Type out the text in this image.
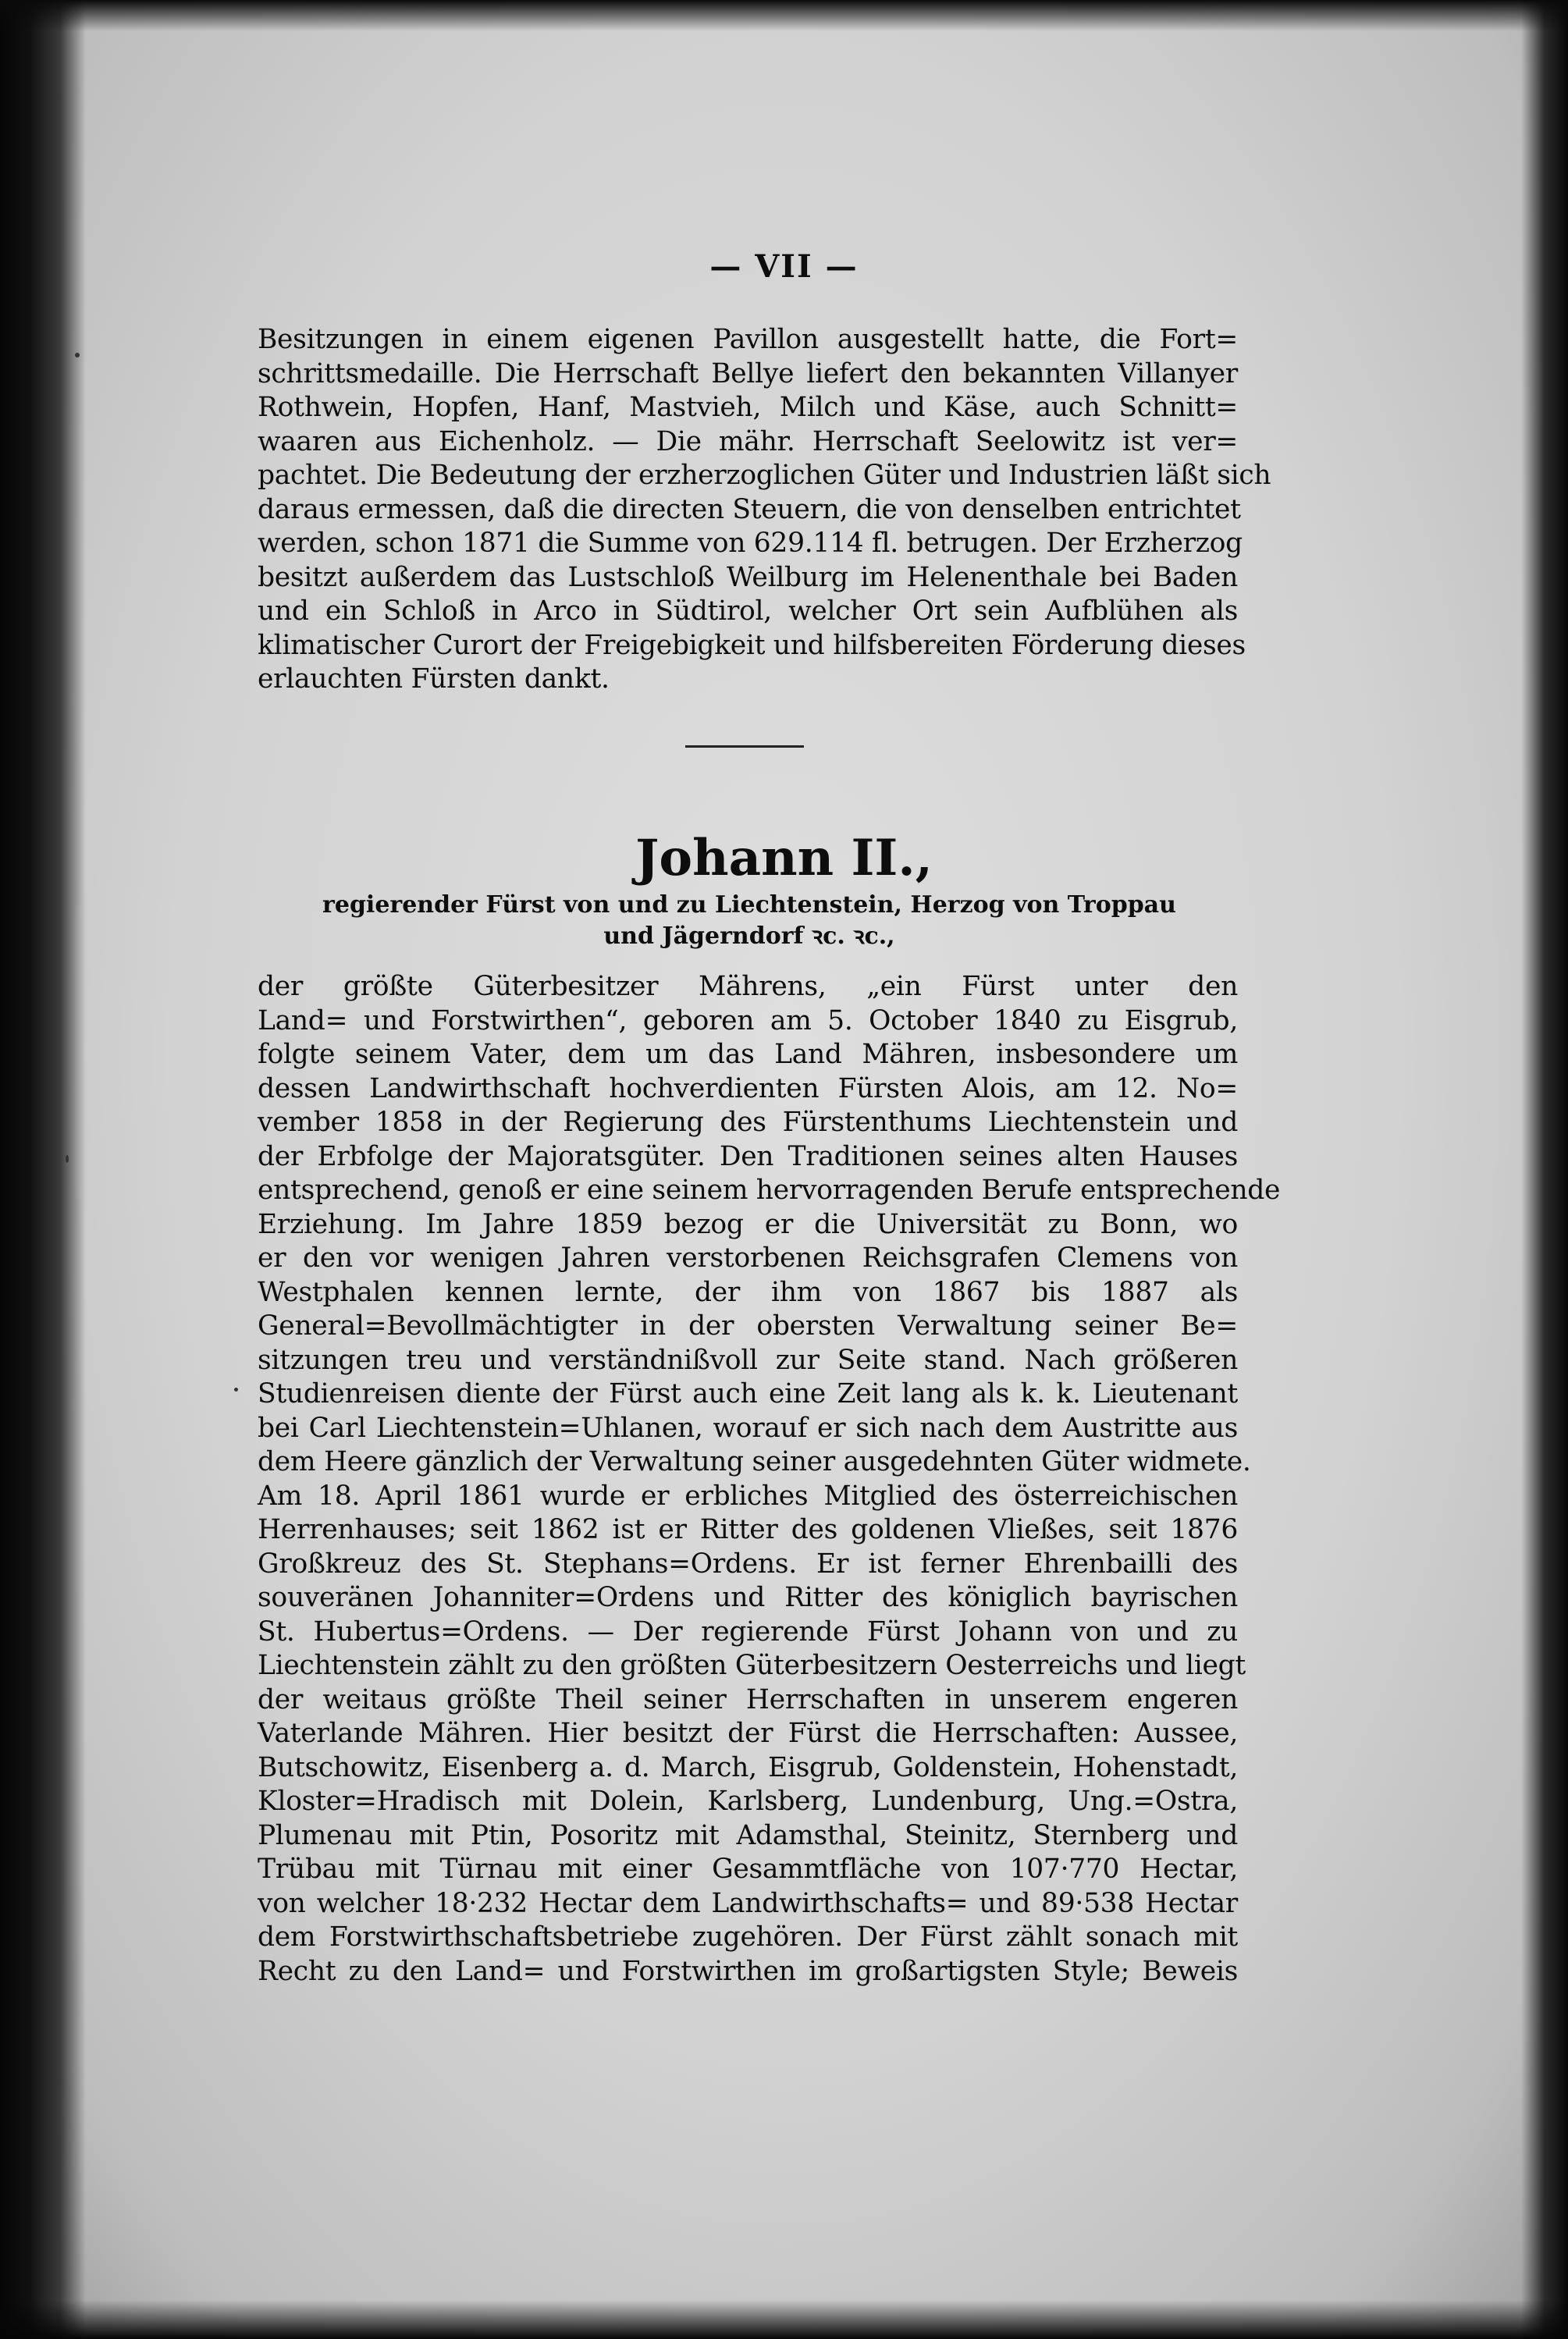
— VII —
Besitzungen in einem eigenen Pavillon ausgestellt hatte, die Fort=
schrittsmedaille. Die Herrschaft Bellye liefert den bekannten Villanyer
Rothwein, Hopfen, Hanf, Mastvieh, Milch und Käse, auch Schnitt=
waaren aus Eichenholz. — Die mähr. Herrschaft Seelowitz ist ver=
pachtet. Die Bedeutung der erzherzoglichen Güter und Industrien läßt sich
daraus ermessen, daß die directen Steuern, die von denselben entrichtet
werden, schon 1871 die Summe von 629.114 fl. betrugen. Der Erzherzog
besitzt außerdem das Lustschloß Weilburg im Helenenthale bei Baden
und ein Schloß in Arco in Südtirol, welcher Ort sein Aufblühen als
klimatischer Curort der Freigebigkeit und hilfsbereiten Förderung dieses
erlauchten Fürsten dankt.
Johann II.,
regierender Fürst von und zu Liechtenstein, Herzog von Troppau
und Jägerndorf ꝛc. ꝛc.,
der größte Güterbesitzer Mährens, „ein Fürst unter den
Land= und Forstwirthen“, geboren am 5. October 1840 zu Eisgrub,
folgte seinem Vater, dem um das Land Mähren, insbesondere um
dessen Landwirthschaft hochverdienten Fürsten Alois, am 12. No=
vember 1858 in der Regierung des Fürstenthums Liechtenstein und
der Erbfolge der Majoratsgüter. Den Traditionen seines alten Hauses
entsprechend, genoß er eine seinem hervorragenden Berufe entsprechende
Erziehung. Im Jahre 1859 bezog er die Universität zu Bonn, wo
er den vor wenigen Jahren verstorbenen Reichsgrafen Clemens von
Westphalen kennen lernte, der ihm von 1867 bis 1887 als
General=Bevollmächtigter in der obersten Verwaltung seiner Be=
sitzungen treu und verständnißvoll zur Seite stand. Nach größeren
Studienreisen diente der Fürst auch eine Zeit lang als k. k. Lieutenant
bei Carl Liechtenstein=Uhlanen, worauf er sich nach dem Austritte aus
dem Heere gänzlich der Verwaltung seiner ausgedehnten Güter widmete.
Am 18. April 1861 wurde er erbliches Mitglied des österreichischen
Herrenhauses; seit 1862 ist er Ritter des goldenen Vließes, seit 1876
Großkreuz des St. Stephans=Ordens. Er ist ferner Ehrenbailli des
souveränen Johanniter=Ordens und Ritter des königlich bayrischen
St. Hubertus=Ordens. — Der regierende Fürst Johann von und zu
Liechtenstein zählt zu den größten Güterbesitzern Oesterreichs und liegt
der weitaus größte Theil seiner Herrschaften in unserem engeren
Vaterlande Mähren. Hier besitzt der Fürst die Herrschaften: Aussee,
Butschowitz, Eisenberg a. d. March, Eisgrub, Goldenstein, Hohenstadt,
Kloster=Hradisch mit Dolein, Karlsberg, Lundenburg, Ung.=Ostra,
Plumenau mit Ptin, Posoritz mit Adamsthal, Steinitz, Sternberg und
Trübau mit Türnau mit einer Gesammtfläche von 107·770 Hectar,
von welcher 18·232 Hectar dem Landwirthschafts= und 89·538 Hectar
dem Forstwirthschaftsbetriebe zugehören. Der Fürst zählt sonach mit
Recht zu den Land= und Forstwirthen im großartigsten Style; Beweis
